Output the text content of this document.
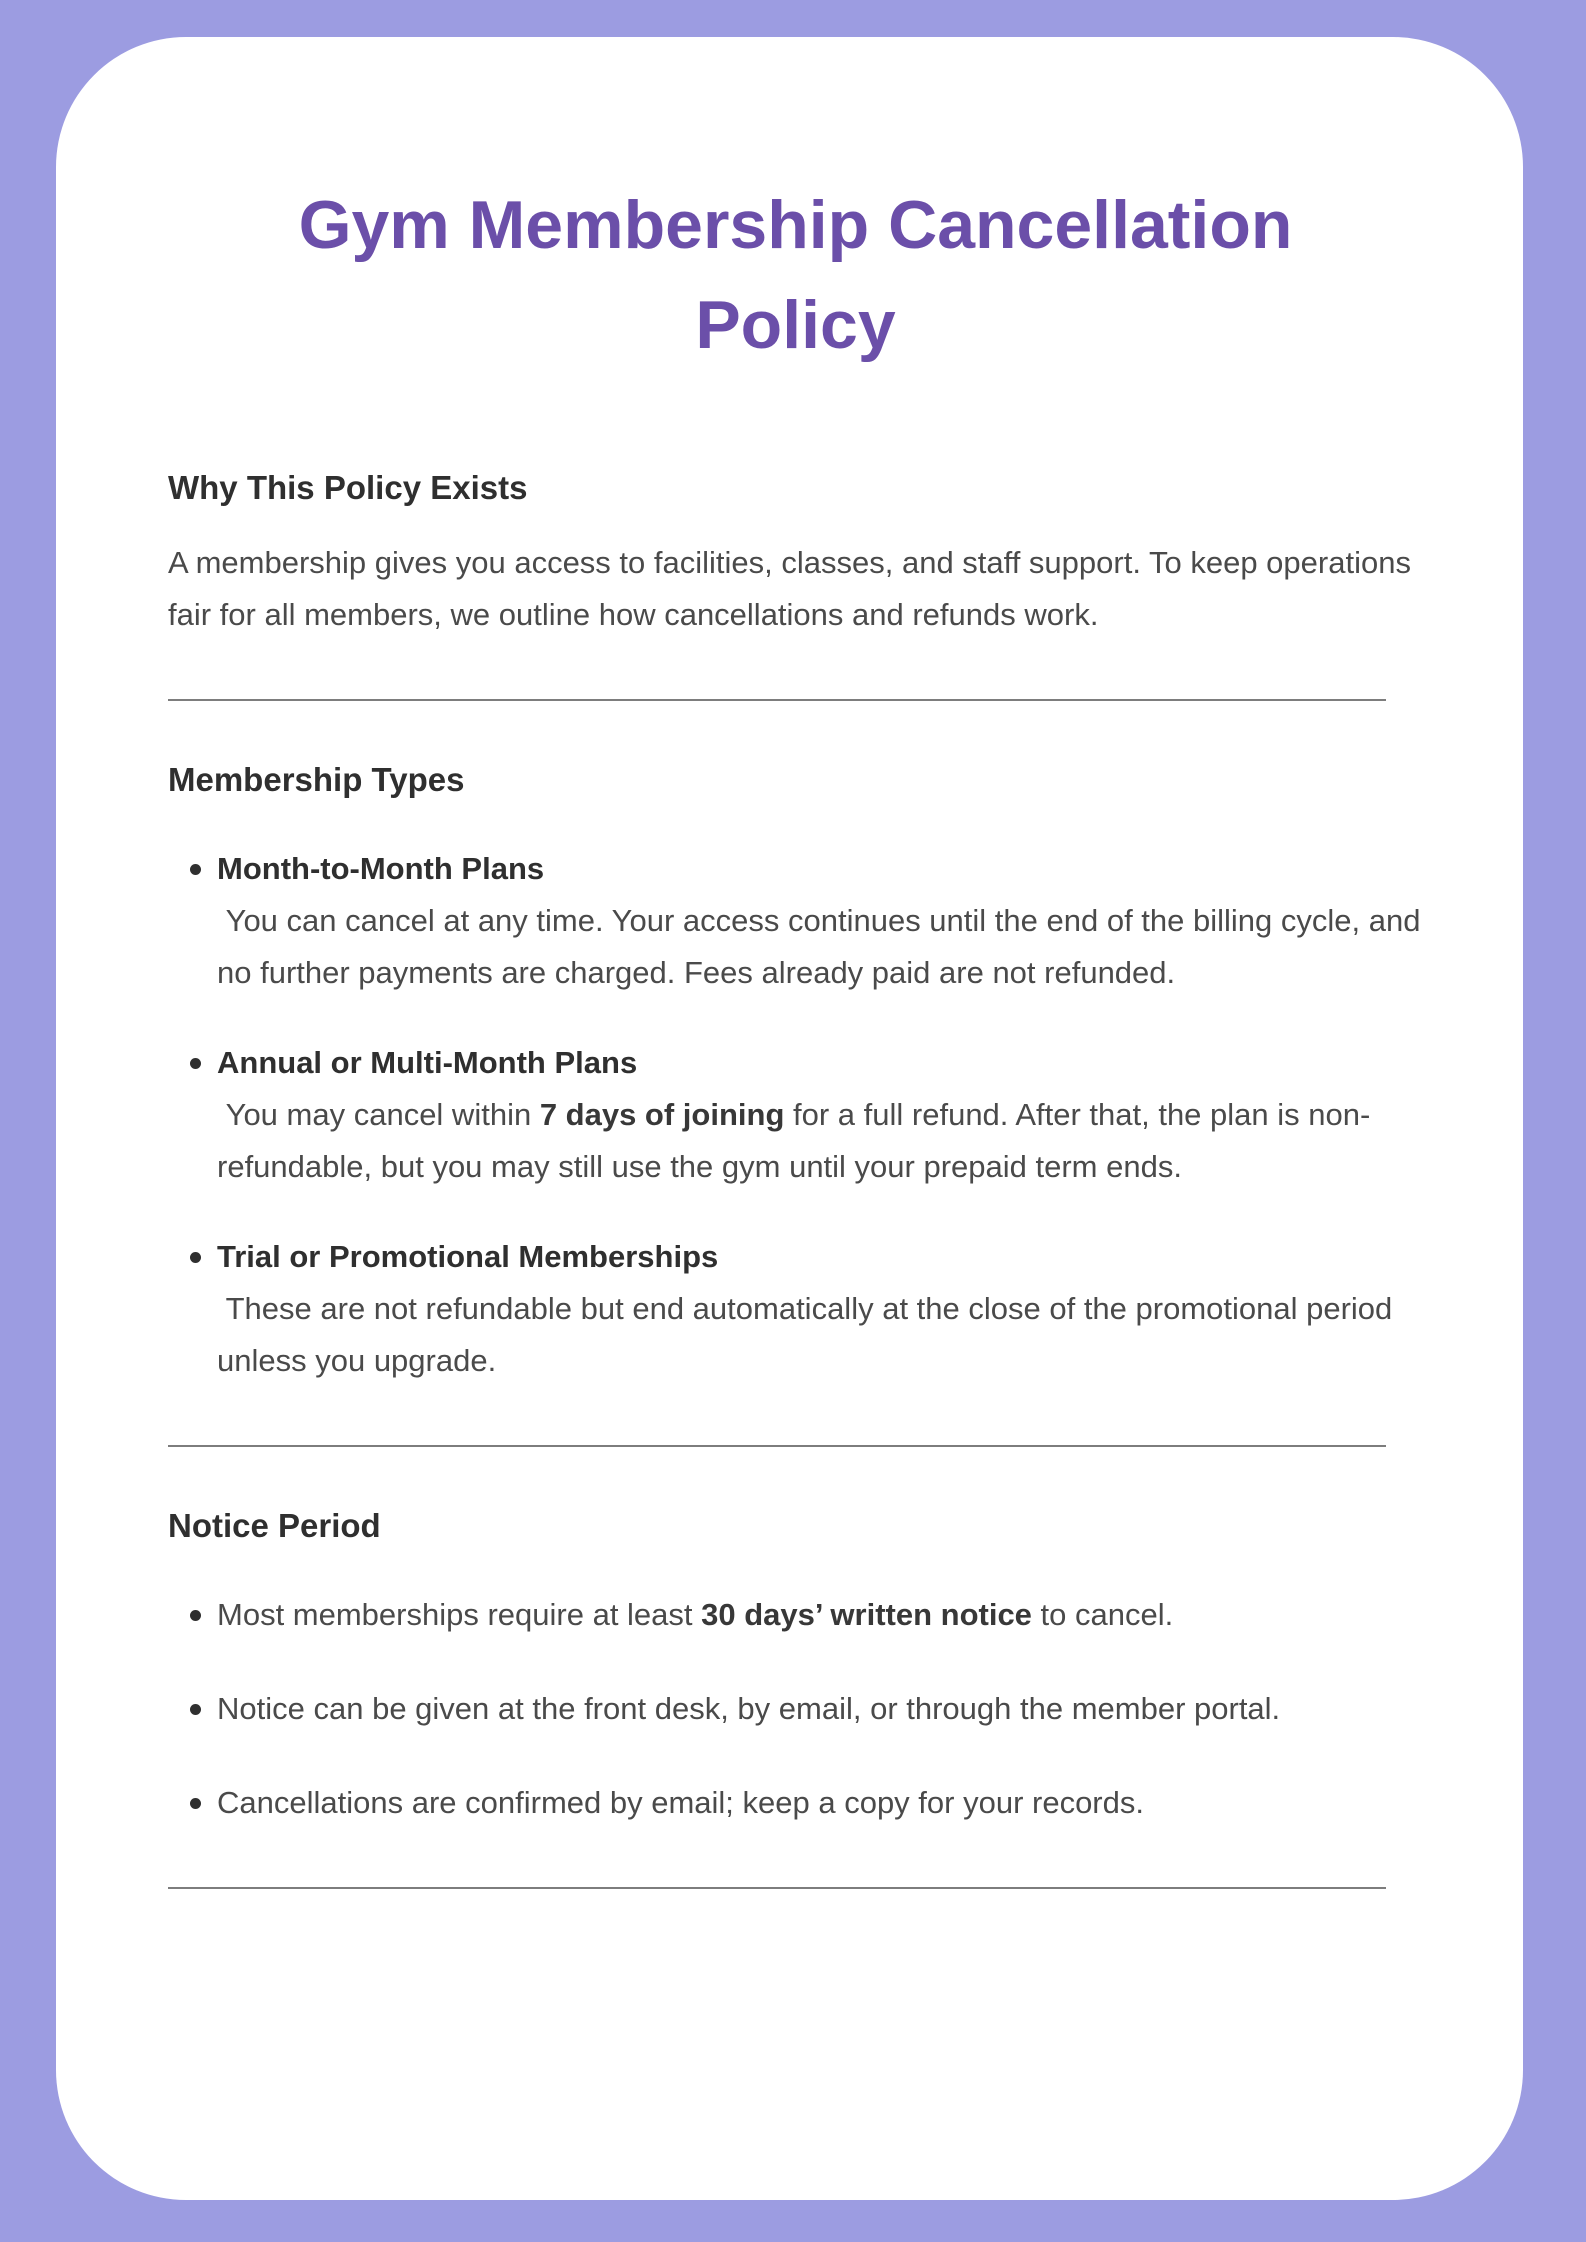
Gym Membership Cancellation
Policy
Why This Policy Exists

A membership gives you access to facilities, classes, and staff support. To keep operations fair for all members, we outline how cancellations and refunds work.

Membership Types
Month-to-Month Plans
You can cancel at any time. Your access continues until the end of the billing cycle, and no further payments are charged. Fees already paid are not refunded.
Annual or Multi-Month Plans
You may cancel within 7 days of joining for a full refund. After that, the plan is non-refundable, but you may still use the gym until your prepaid term ends.
Trial or Promotional Memberships
These are not refundable but end automatically at the close of the promotional period unless you upgrade.
Notice Period
Most memberships require at least 30 days’ written notice to cancel.
Notice can be given at the front desk, by email, or through the member portal.
Cancellations are confirmed by email; keep a copy for your records.
